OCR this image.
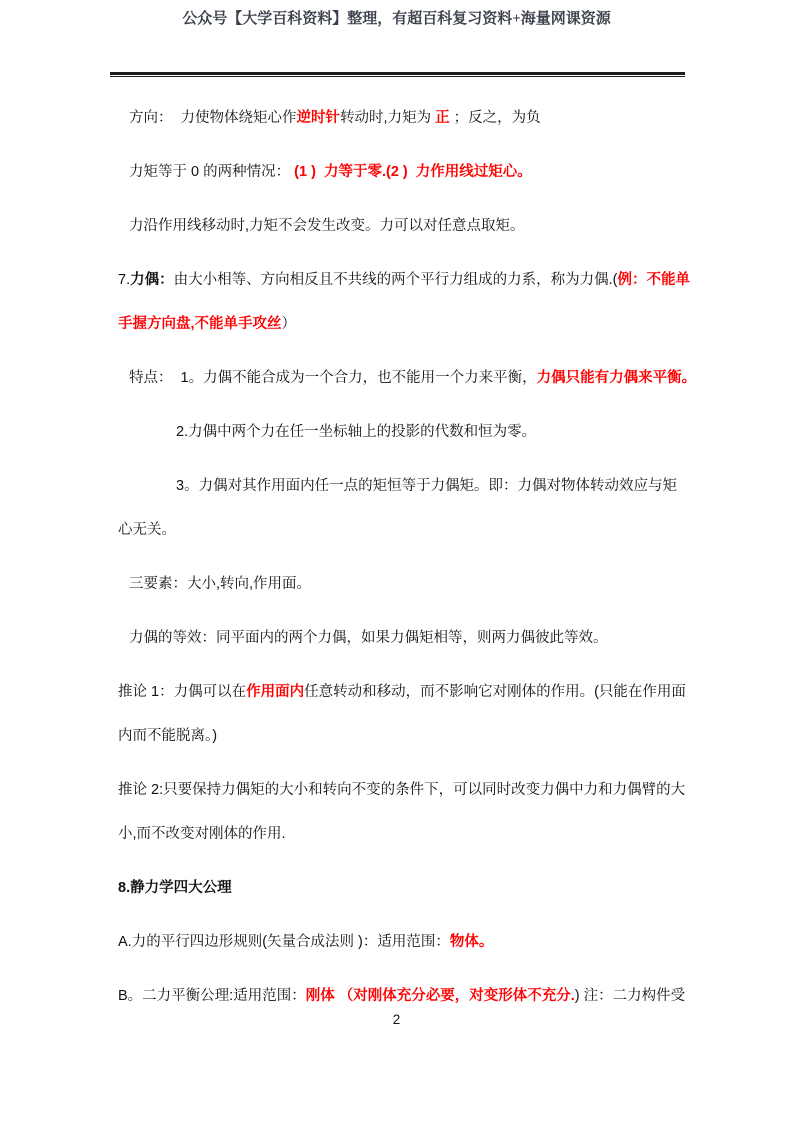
公众号【大学百科资料】整理，有超百科复习资料+海量网课资源
方向：  力使物体绕矩心作逆时针转动时,力矩为 正 ；反之，为负
力矩等于 0 的两种情况： (1 )  力等于零.(2 )  力作用线过矩心。
力沿作用线移动时,力矩不会发生改变。力可以对任意点取矩。
7.力偶：由大小相等、方向相反且不共线的两个平行力组成的力系，称为力偶.(例：不能单
手握方向盘,不能单手攻丝）
特点：  1。力偶不能合成为一个合力，也不能用一个力来平衡，力偶只能有力偶来平衡。
2.力偶中两个力在任一坐标轴上的投影的代数和恒为零。
3。力偶对其作用面内任一点的矩恒等于力偶矩。即：力偶对物体转动效应与矩
心无关。
三要素：大小,转向,作用面。
力偶的等效：同平面内的两个力偶，如果力偶矩相等，则两力偶彼此等效。
推论 1：力偶可以在作用面内任意转动和移动，而不影响它对刚体的作用。(只能在作用面
内而不能脱离。)
推论 2:只要保持力偶矩的大小和转向不变的条件下，可以同时改变力偶中力和力偶臂的大
小,而不改变对刚体的作用.
8.静力学四大公理
A.力的平行四边形规则(矢量合成法则 )：适用范围：物体。
B。二力平衡公理:适用范围：刚体 （对刚体充分必要，对变形体不充分.) 注：二力构件受
2
